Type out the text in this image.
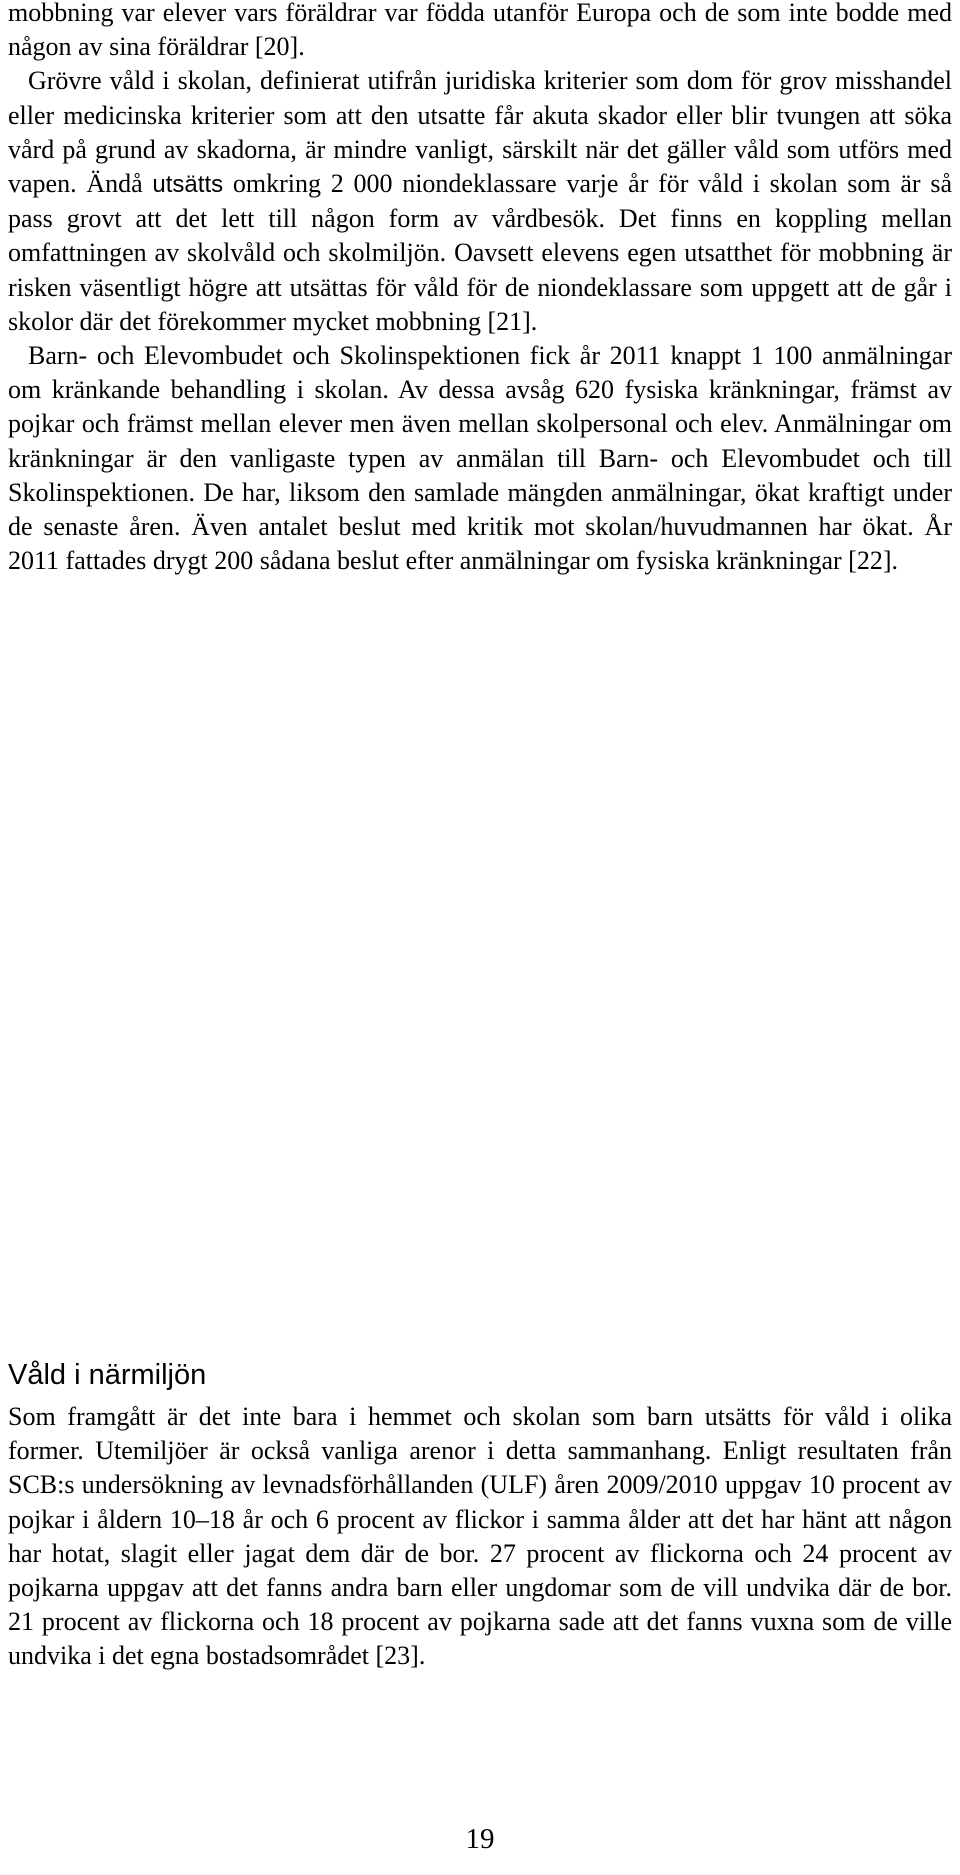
mobbning var elever vars föräldrar var födda utanför Europa och de som inte bodde med någon av sina föräldrar [20].
Grövre våld i skolan, definierat utifrån juridiska kriterier som dom för grov misshandel eller medicinska kriterier som att den utsatte får akuta skador eller blir tvungen att söka vård på grund av skadorna, är mindre vanligt, särskilt när det gäller våld som utförs med vapen. Ändå utsätts omkring 2 000 niondeklassare varje år för våld i skolan som är så pass grovt att det lett till någon form av vårdbesök. Det finns en koppling mellan omfattningen av skolvåld och skolmiljön. Oavsett elevens egen utsatthet för mobbning är risken väsentligt högre att utsättas för våld för de niondeklassare som uppgett att de går i skolor där det förekommer mycket mobbning [21].
Barn- och Elevombudet och Skolinspektionen fick år 2011 knappt 1 100 anmälningar om kränkande behandling i skolan. Av dessa avsåg 620 fysiska kränkningar, främst av pojkar och främst mellan elever men även mellan skolpersonal och elev. Anmälningar om kränkningar är den vanligaste typen av anmälan till Barn- och Elevombudet och till Skolinspektionen. De har, liksom den samlade mängden anmälningar, ökat kraftigt under de senaste åren. Även antalet beslut med kritik mot skolan/huvudmannen har ökat. År 2011 fattades drygt 200 sådana beslut efter anmälningar om fysiska kränkningar [22].
Våld i närmiljön
Som framgått är det inte bara i hemmet och skolan som barn utsätts för våld i olika former. Utemiljöer är också vanliga arenor i detta sammanhang. Enligt resultaten från SCB:s undersökning av levnadsförhållanden (ULF) åren 2009/2010 uppgav 10 procent av pojkar i åldern 10–18 år och 6 procent av flickor i samma ålder att det har hänt att någon har hotat, slagit eller jagat dem där de bor. 27 procent av flickorna och 24 procent av pojkarna uppgav att det fanns andra barn eller ungdomar som de vill undvika där de bor. 21 procent av flickorna och 18 procent av pojkarna sade att det fanns vuxna som de ville undvika i det egna bostadsområdet [23].
19
